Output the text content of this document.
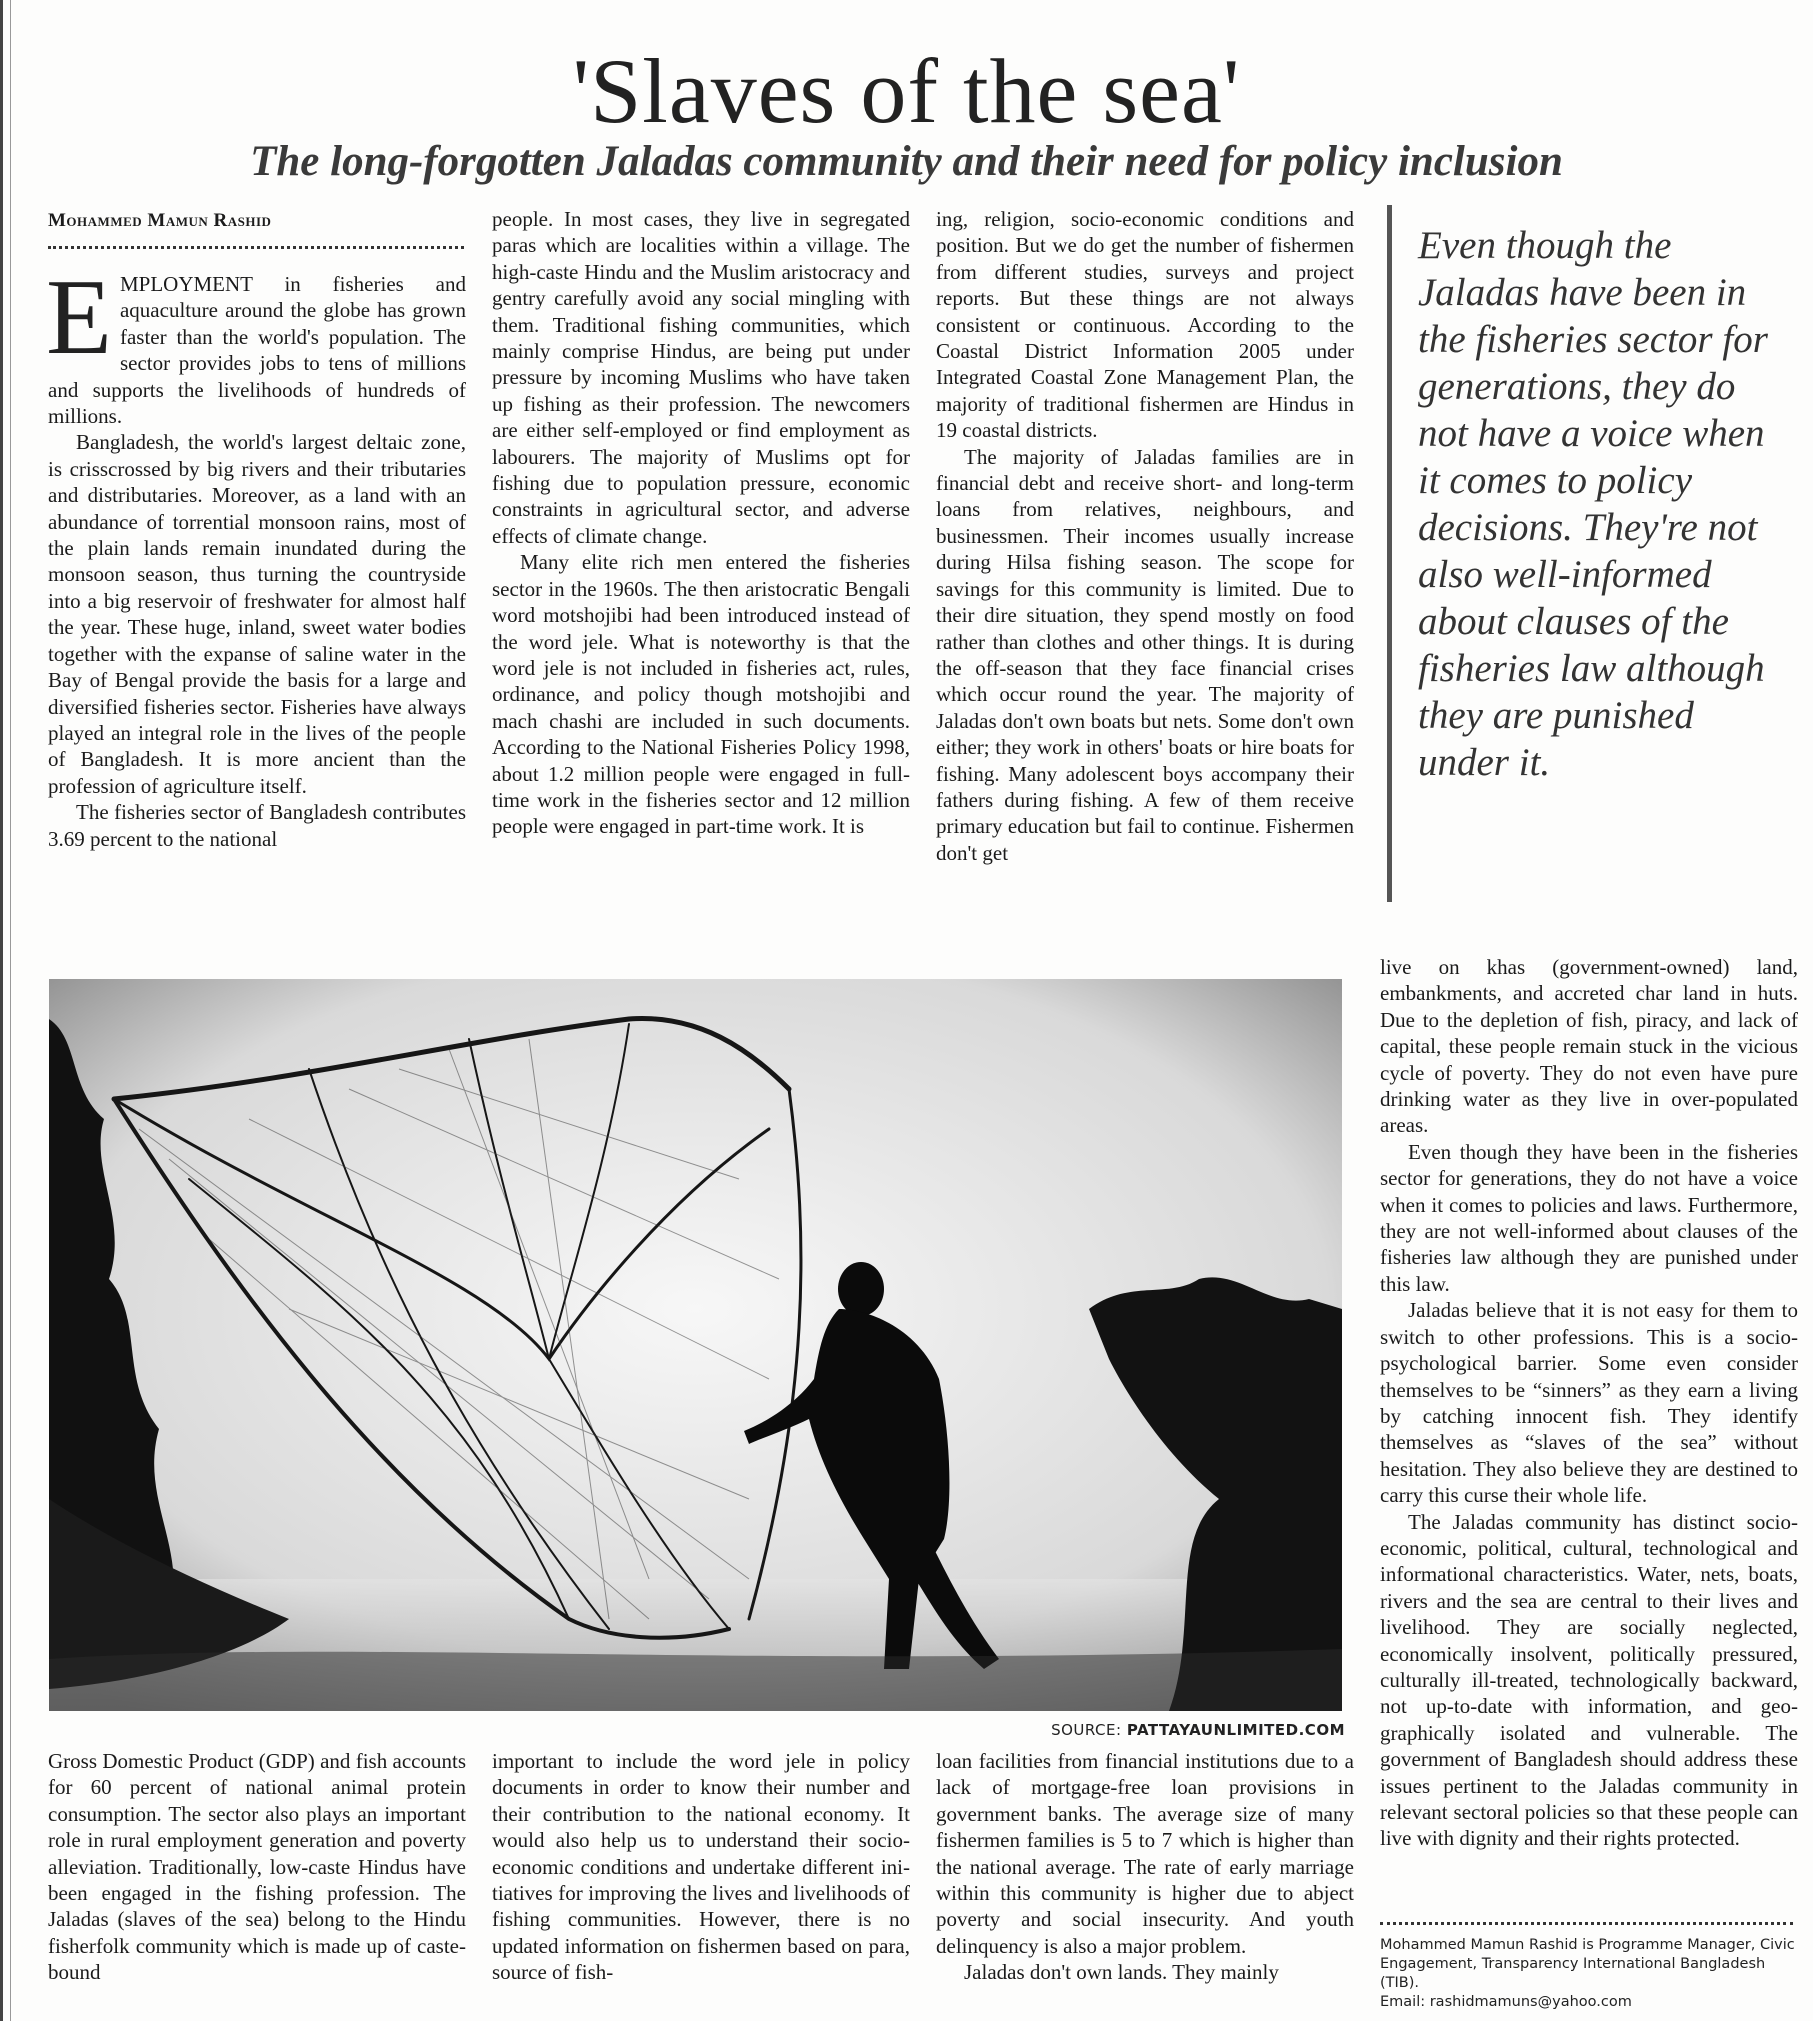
'Slaves of the sea'
The long-forgotten Jaladas community and their need for policy inclusion
Mohammed Mamun Rashid

EMPLOYMENT in fisheries and aquaculture around the globe has grown faster than the world's population. The sector provides jobs to tens of millions and supports the livelihoods of hundreds of millions.

Bangladesh, the world's largest deltaic zone, is crisscrossed by big rivers and their tributaries and distributaries. Moreover, as a land with an abundance of torrential monsoon rains, most of the plain lands remain inundated during the monsoon season, thus turning the countryside into a big reservoir of freshwater for almost half the year. These huge, inland, sweet water bodies together with the expanse of saline water in the Bay of Bengal provide the basis for a large and diversified fisheries sector. Fisheries have always played an integral role in the lives of the people of Bangladesh. It is more ancient than the profession of agriculture itself.

The fisheries sector of Bangladesh contributes 3.69 percent to the national

people. In most cases, they live in segregated paras which are localities within a village. The high-caste Hindu and the Muslim aristocracy and gentry carefully avoid any social mingling with them. Traditional fishing communities, which mainly comprise Hindus, are being put under pressure by incoming Muslims who have taken up fishing as their profession. The newcomers are either self-employed or find employment as labourers. The majority of Muslims opt for fishing due to population pressure, economic constraints in agricultural sector, and adverse effects of climate change.

Many elite rich men entered the fisheries sector in the 1960s. The then aristocratic Bengali word motshojibi had been introduced instead of the word jele. What is noteworthy is that the word jele is not included in fisheries act, rules, ordinance, and policy though motshojibi and mach chashi are included in such documents. According to the National Fisheries Policy 1998, about 1.2 million people were engaged in full-time work in the fisheries sector and 12 million people were engaged in part-time work. It is

ing, religion, socio-economic conditions and position. But we do get the number of fishermen from different studies, surveys and project reports. But these things are not always consistent or continuous. According to the Coastal District Information 2005 under Integrated Coastal Zone Management Plan, the majority of traditional fishermen are Hindus in 19 coastal districts.

The majority of Jaladas families are in financial debt and receive short- and long-term loans from relatives, neighbours, and businessmen. Their incomes usually increase during Hilsa fishing season. The scope for savings for this community is limited. Due to their dire situation, they spend mostly on food rather than clothes and other things. It is during the off-season that they face financial crises which occur round the year. The majority of Jaladas don't own boats but nets. Some don't own either; they work in others' boats or hire boats for fishing. Many adolescent boys accompany their fathers during fishing. A few of them receive primary education but fail to continue. Fishermen don't get

Even though the Jaladas have been in the fisheries sector for generations, they do not have a voice when it comes to policy decisions. They're not also well-informed about clauses of the fisheries law although they are punished under it.

live on khas (government-owned) land, embankments, and accreted char land in huts. Due to the depletion of fish, piracy, and lack of capital, these people remain stuck in the vicious cycle of poverty. They do not even have pure drinking water as they live in over-populated areas.

Even though they have been in the fisheries sector for generations, they do not have a voice when it comes to policies and laws. Furthermore, they are not well-informed about clauses of the fisheries law although they are punished under this law.

Jaladas believe that it is not easy for them to switch to other professions. This is a socio-psychological barrier. Some even consider themselves to be “sinners” as they earn a living by catching innocent fish. They identify themselves as “slaves of the sea” without hesitation. They also believe they are destined to carry this curse their whole life.

The Jaladas community has distinct socio-economic, political, cultural, technological and informational characteristics. Water, nets, boats, rivers and the sea are central to their lives and livelihood. They are socially neglected, economically insolvent, politically pressured, culturally ill-treated, technologically backward, not up-to-date with information, and geographically isolated and vulnerable. The government of Bangladesh should address these issues pertinent to the Jaladas community in relevant sectoral policies so that these people can live with dignity and their rights protected.

SOURCE: PATTAYAUNLIMITED.COM

Gross Domestic Product (GDP) and fish accounts for 60 percent of national animal protein consumption. The sector also plays an important role in rural employment generation and poverty alleviation. Traditionally, low-caste Hindus have been engaged in the fishing profession. The Jaladas (slaves of the sea) belong to the Hindu fisherfolk community which is made up of caste-bound

important to include the word jele in policy documents in order to know their number and their contribution to the national economy. It would also help us to understand their socio-economic conditions and undertake different initiatives for improving the lives and livelihoods of fishing communities. However, there is no updated information on fishermen based on para, source of fish-

loan facilities from financial institutions due to a lack of mortgage-free loan provisions in government banks. The average size of many fishermen families is 5 to 7 which is higher than the national average. The rate of early marriage within this community is higher due to abject poverty and social insecurity. And youth delinquency is also a major problem.

Jaladas don't own lands. They mainly

Mohammed Mamun Rashid is Programme Manager, Civic Engagement, Transparency International Bangladesh (TIB).
Email: rashidmamuns@yahoo.com
